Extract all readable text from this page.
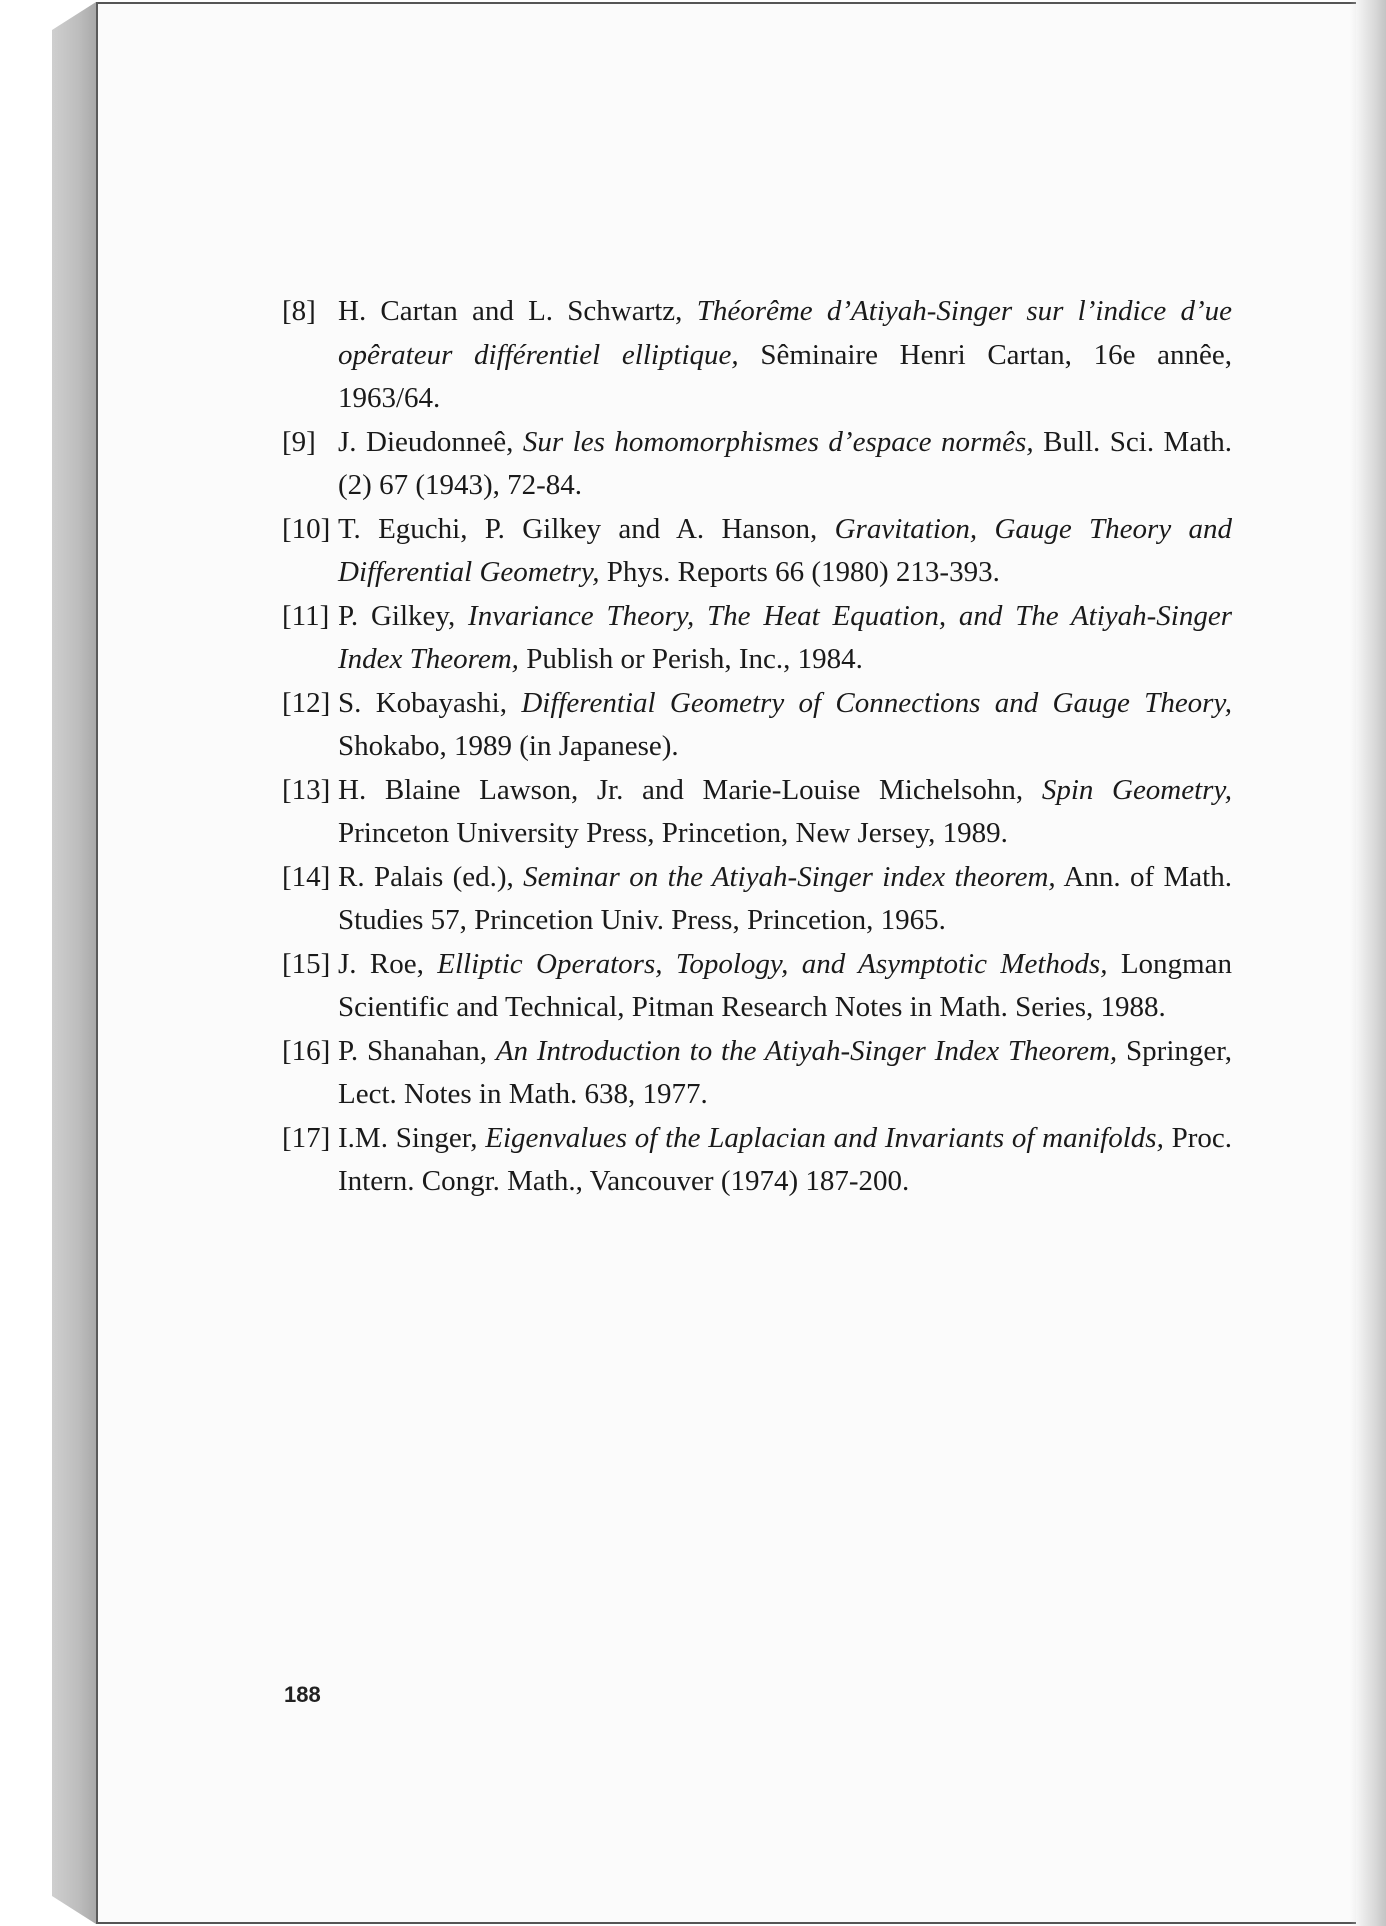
[8] H. Cartan and L. Schwartz, Théorême d’Atiyah-Singer sur l’indice d’ue opêrateur différentiel elliptique, Sêminaire Henri Cartan, 16e annêe, 1963/64.
[9] J. Dieudonneê, Sur les homomorphismes d’espace normês, Bull. Sci. Math. (2) 67 (1943), 72-84.
[10] T. Eguchi, P. Gilkey and A. Hanson, Gravitation, Gauge Theory and Differential Geometry, Phys. Reports 66 (1980) 213-393.
[11] P. Gilkey, Invariance Theory, The Heat Equation, and The Atiyah-Singer Index Theorem, Publish or Perish, Inc., 1984.
[12] S. Kobayashi, Differential Geometry of Connections and Gauge Theory, Shokabo, 1989 (in Japanese).
[13] H. Blaine Lawson, Jr. and Marie-Louise Michelsohn, Spin Geometry, Princeton University Press, Princetion, New Jersey, 1989.
[14] R. Palais (ed.), Seminar on the Atiyah-Singer index theorem, Ann. of Math. Studies 57, Princetion Univ. Press, Princetion, 1965.
[15] J. Roe, Elliptic Operators, Topology, and Asymptotic Methods, Longman Scientific and Technical, Pitman Research Notes in Math. Series, 1988.
[16] P. Shanahan, An Introduction to the Atiyah-Singer Index Theorem, Springer, Lect. Notes in Math. 638, 1977.
[17] I.M. Singer, Eigenvalues of the Laplacian and Invariants of manifolds, Proc. Intern. Congr. Math., Vancouver (1974) 187-200.
188
